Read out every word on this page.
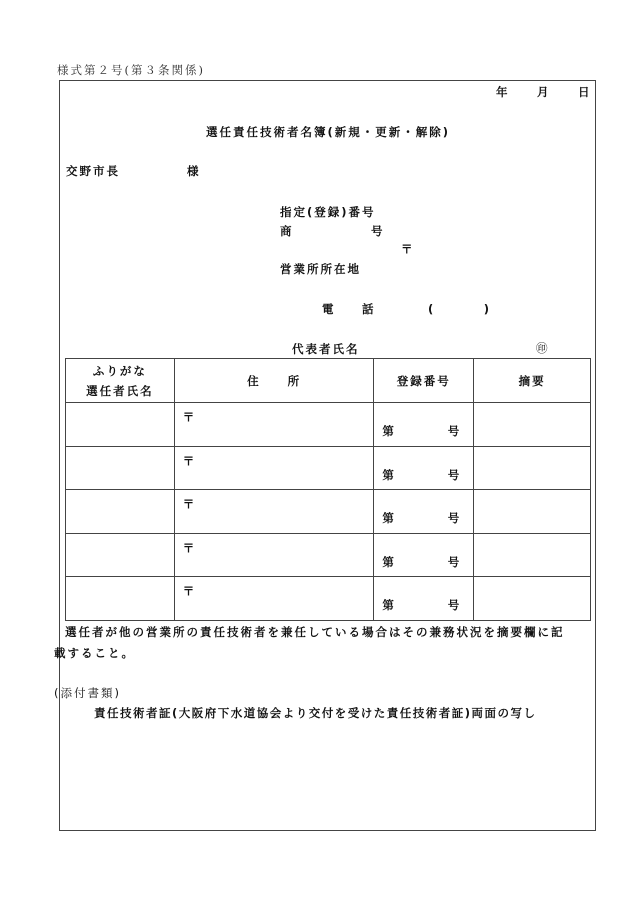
様式第２号(第３条関係)
年 月 日
選任責任技術者名簿(新規・更新・解除)
交野市長	様
指定(登録)番号
商	号
〒
営業所所在地
電 話	(　　　)
代表者氏名	㊞
ふりがな
選任者氏名	住　　所	登録番号	摘要

	〒	第 号	

	〒	第 号	

	〒	第 号	

	〒	第 号	

	〒	第 号	

選任者が他の営業所の責任技術者を兼任している場合はその兼務状況を摘要欄に記
載すること。
(添付書類)
責任技術者証(大阪府下水道協会より交付を受けた責任技術者証)両面の写し
